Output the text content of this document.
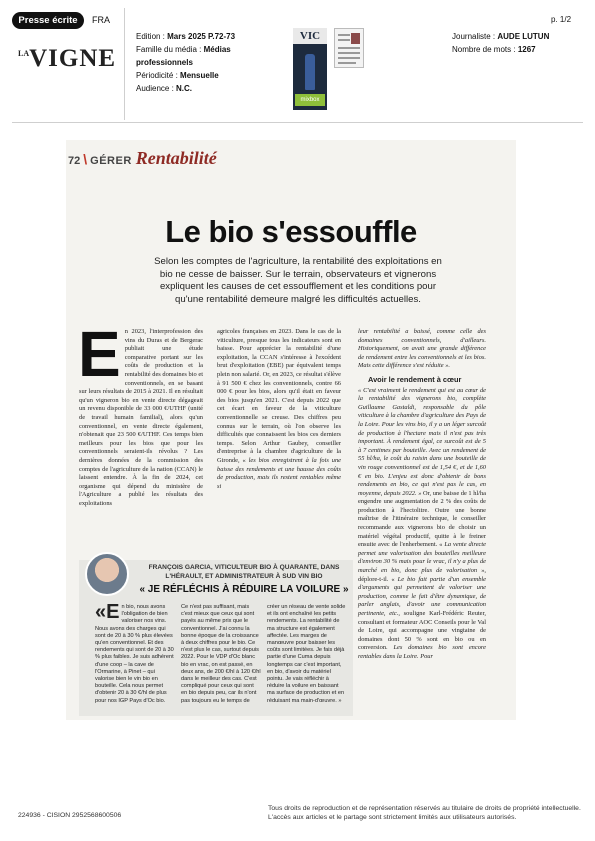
Presse écrite	FRA
LAVIGNE
Edition : Mars 2025 P.72-73
Famille du média : Médias professionnels
Périodicité : Mensuelle
Audience : N.C.
VIC
mixbox
p. 1/2
Journaliste : AUDE LUTUN
Nombre de mots : 1267
72 \ GÉRER Rentabilité
Le bio s'essouffle
Selon les comptes de l'agriculture, la rentabilité des exploitations en bio ne cesse de baisser. Sur le terrain, observateurs et vignerons expliquent les causes de cet essoufflement et les conditions pour qu'une rentabilité demeure malgré les difficultés actuelles.
En 2023, l'interprofession des vins du Duras et de Bergerac publiait une étude comparative portant sur les coûts de production et la rentabilité des domaines bio et conventionnels, en se basant sur leurs résultats de 2015 à 2021. Il en résultait qu'un vigneron bio en vente directe dégageait un revenu disponible de 33 000 €/UTHF (unité de travail humain familial), alors qu'un conventionnel, en vente directe également, n'obtenait que 23 500 €/UTHF. Ces temps bien meilleurs pour les bios que pour les conventionnels seraient-ils révolus ? Les dernières données de la commission des comptes de l'agriculture de la nation (CCAN) le laissent entendre. À la fin de 2024, cet organisme qui dépend du ministère de l'Agriculture a publié les résultats des exploitations
agricoles françaises en 2023. Dans le cas de la viticulture, presque tous les indicateurs sont en baisse. Pour apprécier la rentabilité d'une exploitation, la CCAN s'intéresse à l'excédent brut d'exploitation (EBE) par équivalent temps plein non salarié. Or, en 2023, ce résultat s'élève à 91 500 € chez les conventionnels, contre 66 000 € pour les bios, alors qu'il était en faveur des bios jusqu'en 2021. C'est depuis 2022 que cet écart en faveur de la viticulture conventionnelle se creuse. Des chiffres peu connus sur le terrain, où l'on observe les difficultés que connaissent les bios ces derniers temps. Selon Arthur Gaubey, conseiller d'entreprise à la chambre d'agriculture de la Gironde, « les bios enregistrent à la fois une baisse des rendements et une hausse des coûts de production, mais ils restent rentables même si
leur rentabilité a baissé, comme celle des domaines conventionnels, d'ailleurs. Historiquement, on avait une grande différence de rendement entre les conventionnels et les bios. Mais cette différence s'est réduite ».
Avoir le rendement à cœur
« C'est vraiment le rendement qui est au cœur de la rentabilité des vignerons bio, complète Guillaume Gastaldi, responsable du pôle viticulture à la chambre d'agriculture des Pays de la Loire. Pour les vins bio, il y a un léger surcoût de production à l'hectare mais il n'est pas très important. À rendement égal, ce surcoût est de 5 à 7 centimes par bouteille. Avec un rendement de 55 hl/ha, le coût du raisin dans une bouteille de vin rouge conventionnel est de 1,54 €, et de 1,60 € en bio. L'enjeu est donc d'obtenir de bons rendements en bio, ce qui n'est pas le cas, en moyenne, depuis 2022. » Or, une baisse de 1 hl/ha engendre une augmentation de 2 % des coûts de production à l'hectolitre. Outre une bonne maîtrise de l'itinéraire technique, le conseiller recommande aux vignerons bio de choisir un matériel végétal productif, quitte à le freiner ensuite avec de l'enherbement. « La vente directe permet une valorisation des bouteilles meilleure d'environ 30 % mais pour le vrac, il n'y a plus de marché en bio, donc plus de valorisation », déplore-t-il. « Le bio fait partie d'un ensemble d'arguments qui permettent de valoriser une production, comme le fait d'être dynamique, de parler anglais, d'avoir une communication pertinente, etc., souligne Karl-Frédéric Reuter, consultant et formateur AOC Conseils pour le Val de Loire, qui accompagne une vingtaine de domaines dont 50 % sont en bio ou en conversion. Les domaines bio sont encore rentables dans la Loire. Pour
FRANÇOIS GARCIA, VITICULTEUR BIO À QUARANTE, DANS L'HÉRAULT, ET ADMINISTRATEUR À SUD VIN BIO
« JE RÉFLÉCHIS À RÉDUIRE LA VOILURE »
«En bio, nous avons l'obligation de bien valoriser nos vins. Nous avons des charges qui sont de 20 à 30 % plus élevées qu'en conventionnel. Et des rendements qui sont de 20 à 30 % plus faibles. Je suis adhérent d'une coop – la cave de l'Ormarine, à Pinet – qui valorise bien le vin bio en bouteille. Cela nous permet d'obtenir 20 à 30 €/hl de plus pour nos IGP Pays d'Oc bio.
Ce n'est pas suffisant, mais c'est mieux que ceux qui sont payés au même prix que le conventionnel. J'ai connu la bonne époque de la croissance à deux chiffres pour le bio. Ce n'est plus le cas, surtout depuis 2022. Pour le VDP d'Oc blanc bio en vrac, on est passé, en deux ans, de 200 €/hl à 120 €/hl dans le meilleur des cas. C'est compliqué pour ceux qui sont en bio depuis peu, car ils n'ont pas toujours eu le temps de
créer un réseau de vente solide et ils ont enchaîné les petits rendements. La rentabilité de ma structure est également affectée. Les marges de manœuvre pour baisser les coûts sont limitées. Je fais déjà partie d'une Cuma depuis longtemps car c'est important, en bio, d'avoir du matériel pointu. Je vais réfléchir à réduire la voilure en baissant ma surface de production et en réduisant ma main-d'œuvre. »
224936 - CISION 2952568600506
Tous droits de reproduction et de représentation réservés au titulaire de droits de propriété intellectuelle. L'accès aux articles et le partage sont strictement limités aux utilisateurs autorisés.
